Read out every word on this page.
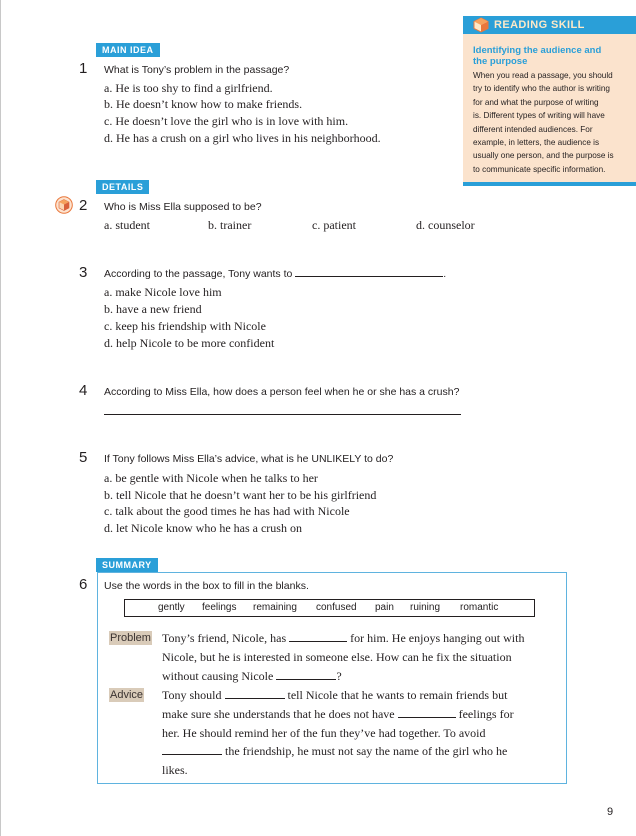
READING SKILL
Identifying the audience and
the purpose
When you read a passage, you should
try to identify who the author is writing
for and what the purpose of writing
is. Different types of writing will have
different intended audiences. For
example, in letters, the audience is
usually one person, and the purpose is
to communicate specific information.
MAIN IDEA
1 What is Tony’s problem in the passage?
a. He is too shy to find a girlfriend.
b. He doesn’t know how to make friends.
c. He doesn’t love the girl who is in love with him.
d. He has a crush on a girl who lives in his neighborhood.
DETAILS
2 Who is Miss Ella supposed to be?
a. student	b. trainer	c. patient	d. counselor
3 According to the passage, Tony wants to	.
a. make Nicole love him
b. have a new friend
c. keep his friendship with Nicole
d. help Nicole to be more confident
4 According to Miss Ella, how does a person feel when he or she has a crush?
5 If Tony follows Miss Ella’s advice, what is he UNLIKELY to do?
a. be gentle with Nicole when he talks to her
b. tell Nicole that he doesn’t want her to be his girlfriend
c. talk about the good times he has had with Nicole
d. let Nicole know who he has a crush on
SUMMARY
6 Use the words in the box to fill in the blanks.
gently feelings remaining confused pain ruining romantic
Problem Tony’s friend, Nicole, has	for him. He enjoys hanging out with
Nicole, but he is interested in someone else. How can he fix the situation
without causing Nicole	?
Advice Tony should	tell Nicole that he wants to remain friends but
make sure she understands that he does not have	feelings for
her. He should remind her of the fun they’ve had together. To avoid
the friendship, he must not say the name of the girl who he
likes.
9
